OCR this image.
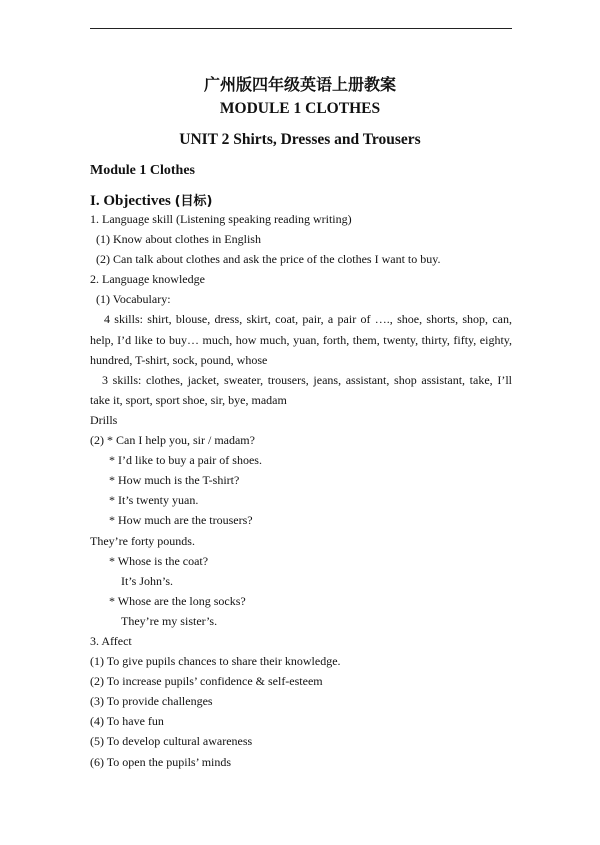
广州版四年级英语上册教案
MODULE 1 CLOTHES
UNIT 2 Shirts, Dresses and Trousers
Module 1 Clothes
I. Objectives (目标)
1. Language skill (Listening speaking reading writing)
(1) Know about clothes in English
(2) Can talk about clothes and ask the price of the clothes I want to buy.
2. Language knowledge
(1) Vocabulary:
4 skills: shirt, blouse, dress, skirt, coat, pair, a pair of …., shoe, shorts, shop, can,
help, I’d like to buy… much, how much, yuan, forth, them, twenty, thirty, fifty, eighty,
hundred, T-shirt, sock, pound, whose
3 skills: clothes, jacket, sweater, trousers, jeans, assistant, shop assistant, take, I’ll
take it, sport, sport shoe, sir, bye, madam
Drills
(2) * Can I help you, sir / madam?
* I’d like to buy a pair of shoes.
* How much is the T-shirt?
* It’s twenty yuan.
* How much are the trousers?
They’re forty pounds.
* Whose is the coat?
It’s John’s.
* Whose are the long socks?
They’re my sister’s.
3. Affect
(1) To give pupils chances to share their knowledge.
(2) To increase pupils’ confidence & self-esteem
(3) To provide challenges
(4) To have fun
(5) To develop cultural awareness
(6) To open the pupils’ minds
